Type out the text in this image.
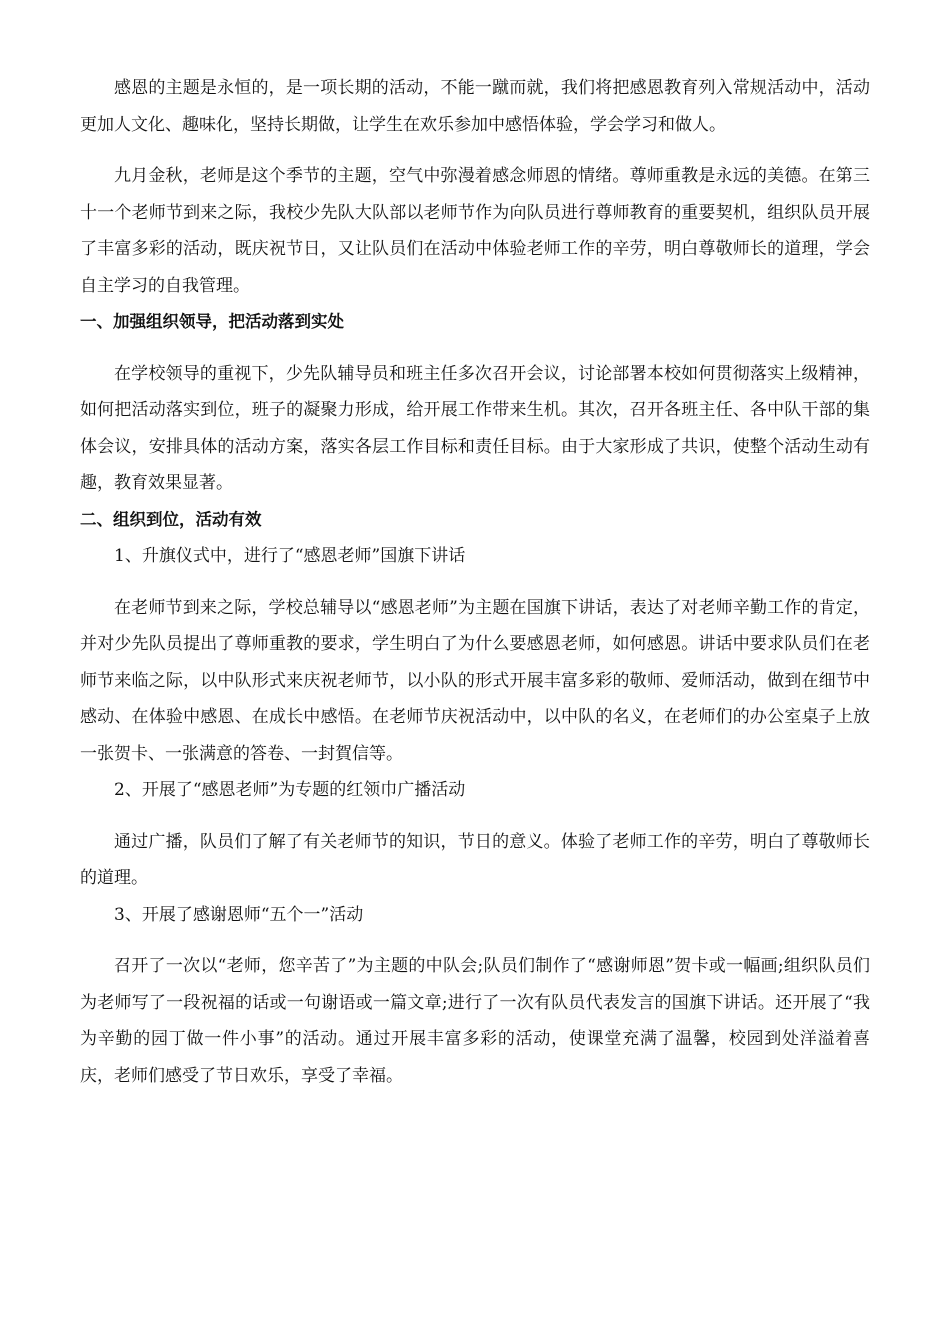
感恩的主题是永恒的，是一项长期的活动，不能一蹴而就，我们将把感恩教育列入常规活动中，活动更加人文化、趣味化，坚持长期做，让学生在欢乐参加中感悟体验，学会学习和做人。

九月金秋，老师是这个季节的主题，空气中弥漫着感念师恩的情绪。尊师重教是永远的美德。在第三十一个老师节到来之际，我校少先队大队部以老师节作为向队员进行尊师教育的重要契机，组织队员开展了丰富多彩的活动，既庆祝节日，又让队员们在活动中体验老师工作的辛劳，明白尊敬师长的道理，学会自主学习的自我管理。

一、加强组织领导，把活动落到实处

在学校领导的重视下，少先队辅导员和班主任多次召开会议，讨论部署本校如何贯彻落实上级精神，如何把活动落实到位，班子的凝聚力形成，给开展工作带来生机。其次，召开各班主任、各中队干部的集体会议，安排具体的活动方案，落实各层工作目标和责任目标。由于大家形成了共识，使整个活动生动有趣，教育效果显著。

二、组织到位，活动有效

1、升旗仪式中，进行了“感恩老师”国旗下讲话

在老师节到来之际，学校总辅导以“感恩老师”为主题在国旗下讲话，表达了对老师辛勤工作的肯定，并对少先队员提出了尊师重教的要求，学生明白了为什么要感恩老师，如何感恩。讲话中要求队员们在老师节来临之际，以中队形式来庆祝老师节，以小队的形式开展丰富多彩的敬师、爱师活动，做到在细节中感动、在体验中感恩、在成长中感悟。在老师节庆祝活动中，以中队的名义，在老师们的办公室桌子上放一张贺卡、一张满意的答卷、一封賀信等。

2、开展了“感恩老师”为专题的红领巾广播活动

通过广播，队员们了解了有关老师节的知识，节日的意义。体验了老师工作的辛劳，明白了尊敬师长的道理。

3、开展了感谢恩师“五个一”活动

召开了一次以“老师，您辛苦了”为主题的中队会;队员们制作了“感谢师恩”贺卡或一幅画;组织队员们为老师写了一段祝福的话或一句谢语或一篇文章;进行了一次有队员代表发言的国旗下讲话。还开展了“我为辛勤的园丁做一件小事”的活动。通过开展丰富多彩的活动，使课堂充满了温馨，校园到处洋溢着喜庆，老师们感受了节日欢乐，享受了幸福。
